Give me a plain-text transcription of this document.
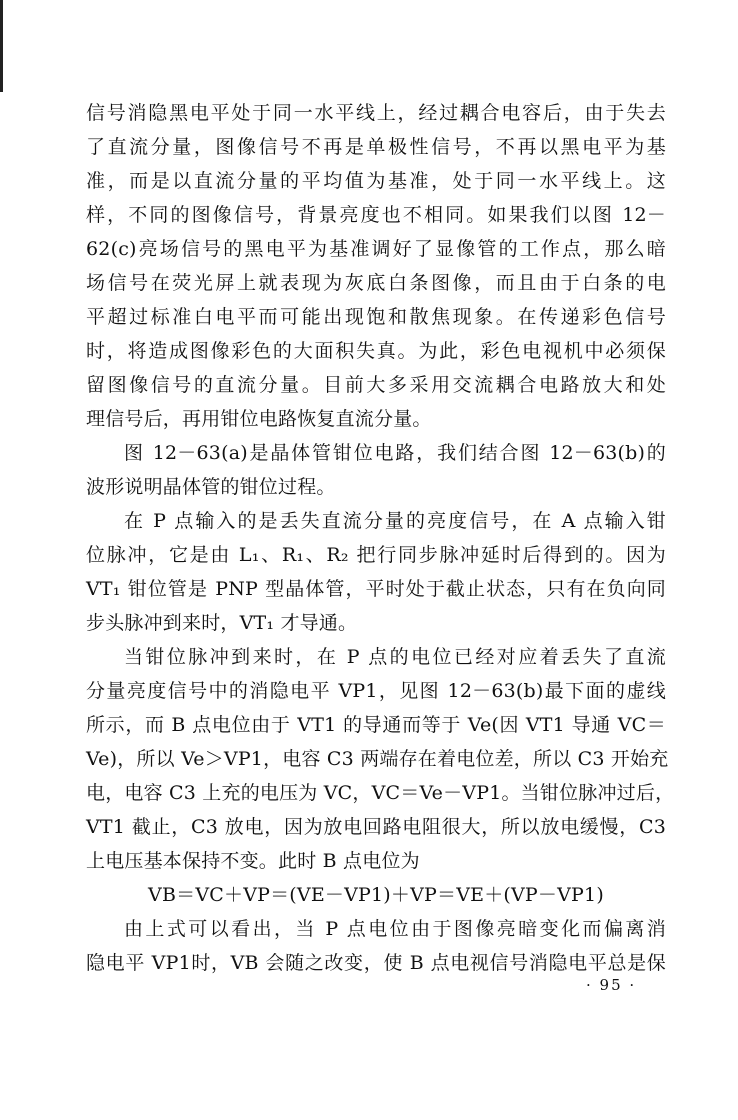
信号消隐黑电平处于同一水平线上，经过耦合电容后，由于失去
了直流分量，图像信号不再是单极性信号，不再以黑电平为基
准，而是以直流分量的平均值为基准，处于同一水平线上。这
样，不同的图像信号，背景亮度也不相同。如果我们以图 12－
62(c)亮场信号的黑电平为基准调好了显像管的工作点，那么暗
场信号在荧光屏上就表现为灰底白条图像，而且由于白条的电
平超过标准白电平而可能出现饱和散焦现象。在传递彩色信号
时，将造成图像彩色的大面积失真。为此，彩色电视机中必须保
留图像信号的直流分量。目前大多采用交流耦合电路放大和处
理信号后，再用钳位电路恢复直流分量。
图 12－63(a)是晶体管钳位电路，我们结合图 12－63(b)的
波形说明晶体管的钳位过程。
在 P 点输入的是丢失直流分量的亮度信号，在 A 点输入钳
位脉冲，它是由 L₁、R₁、R₂ 把行同步脉冲延时后得到的。因为
VT₁ 钳位管是 PNP 型晶体管，平时处于截止状态，只有在负向同
步头脉冲到来时，VT₁ 才导通。
当钳位脉冲到来时，在 P 点的电位已经对应着丢失了直流
分量亮度信号中的消隐电平 VP1，见图 12－63(b)最下面的虚线
所示，而 B 点电位由于 VT1 的导通而等于 Ve(因 VT1 导通 VC＝
Ve)，所以 Ve＞VP1，电容 C3 两端存在着电位差，所以 C3 开始充
电，电容 C3 上充的电压为 VC，VC＝Ve－VP1。当钳位脉冲过后，
VT1 截止，C3 放电，因为放电回路电阻很大，所以放电缓慢，C3
上电压基本保持不变。此时 B 点电位为
VB＝VC＋VP＝(VE－VP1)＋VP＝VE＋(VP－VP1)
由上式可以看出，当 P 点电位由于图像亮暗变化而偏离消
隐电平 VP1时，VB 会随之改变，使 B 点电视信号消隐电平总是保
· 95 ·
